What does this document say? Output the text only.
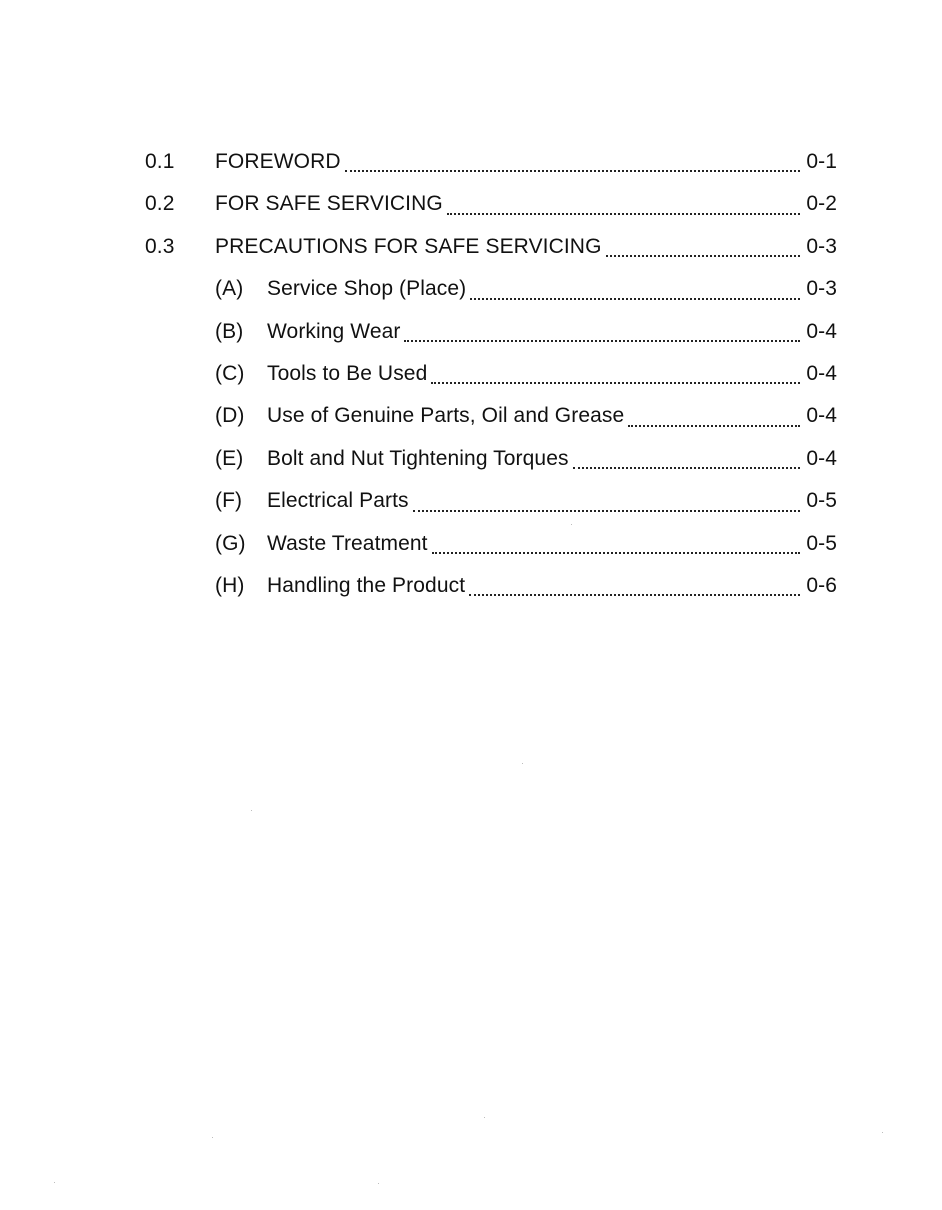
0.1	FOREWORD	0-1
0.2	FOR SAFE SERVICING	0-2
0.3	PRECAUTIONS FOR SAFE SERVICING	0-3
(A)	Service Shop (Place)	0-3
(B)	Working Wear	0-4
(C)	Tools to Be Used	0-4
(D)	Use of Genuine Parts, Oil and Grease	0-4
(E)	Bolt and Nut Tightening Torques	0-4
(F)	Electrical Parts	0-5
(G)	Waste Treatment	0-5
(H)	Handling the Product	0-6
